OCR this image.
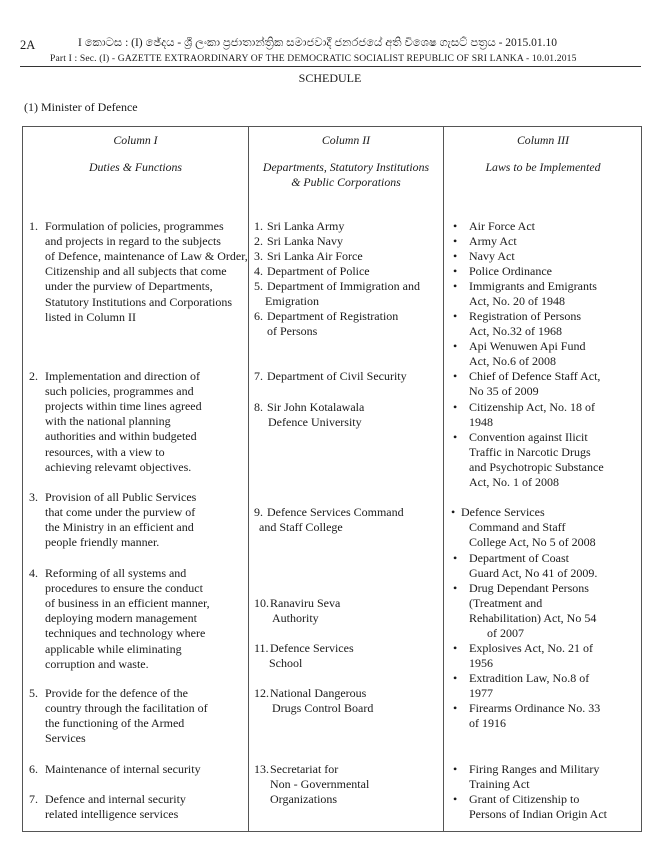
2A	I කොටස : (I) ඡේදය - ශ්‍රී ලංකා ප්‍රජාතාන්ත්‍රික සමාජවාදී ජනරජයේ අති විශෙෂ ගැසට් පත්‍රය - 2015.01.10
Part I : Sec. (I) - GAZETTE EXTRAORDINARY OF THE DEMOCRATIC SOCIALIST REPUBLIC OF SRI LANKA - 10.01.2015
SCHEDULE
(1) Minister of Defence
Column I
Duties & Functions
Column II
Departments, Statutory Institutions & Public Corporations
Column III
Laws to be Implemented
1. Formulation of policies, programmes
and projects in regard to the subjects
of Defence, maintenance of Law & Order,
Citizenship and all subjects that come
under the purview of Departments,
Statutory Institutions and Corporations
listed in Column II
2. Implementation and direction of
such policies, programmes and
projects within time lines agreed
with the national planning
authorities and within budgeted
resources, with a view to
achieving relevamt objectives.
3. Provision of all Public Services
that come under the purview of
the Ministry in an efficient and
people friendly manner.
4. Reforming of all systems and
procedures to ensure the conduct
of business in an efficient manner,
deploying modern management
techniques and technology where
applicable while eliminating
corruption and waste.
5. Provide for the defence of the
country through the facilitation of
the functioning of the Armed
Services
6. Maintenance of internal security
7. Defence and internal security
related intelligence services
1. Sri Lanka Army
2. Sri Lanka Navy
3. Sri Lanka Air Force
4. Department of Police
5. Department of Immigration and
Emigration
6. Department of Registration
of Persons
7. Department of Civil Security
8. Sir John Kotalawala
Defence University
9. Defence Services Command
and Staff College
10. Ranaviru Seva
Authority
11. Defence Services
School
12. National Dangerous
Drugs Control Board
13. Secretariat for
Non - Governmental
Organizations
• Air Force Act
• Army Act
• Navy Act
• Police Ordinance
• Immigrants and Emigrants
Act, No. 20 of 1948
• Registration of Persons
Act, No.32 of 1968
• Api Wenuwen Api Fund
Act, No.6 of 2008
• Chief of Defence Staff Act,
No 35 of 2009
• Citizenship Act, No. 18 of
1948
• Convention against Ilicit
Traffic in Narcotic Drugs
and Psychotropic Substance
Act, No. 1 of 2008
• Defence Services
Command and Staff
College Act, No 5 of 2008
• Department of Coast
Guard Act, No 41 of 2009.
• Drug Dependant Persons
(Treatment and
Rehabilitation) Act, No 54
of 2007
• Explosives Act, No. 21 of
1956
• Extradition Law, No.8 of
1977
• Firearms Ordinance No. 33
of 1916
• Firing Ranges and Military
Training Act
• Grant of Citizenship to
Persons of Indian Origin Act
